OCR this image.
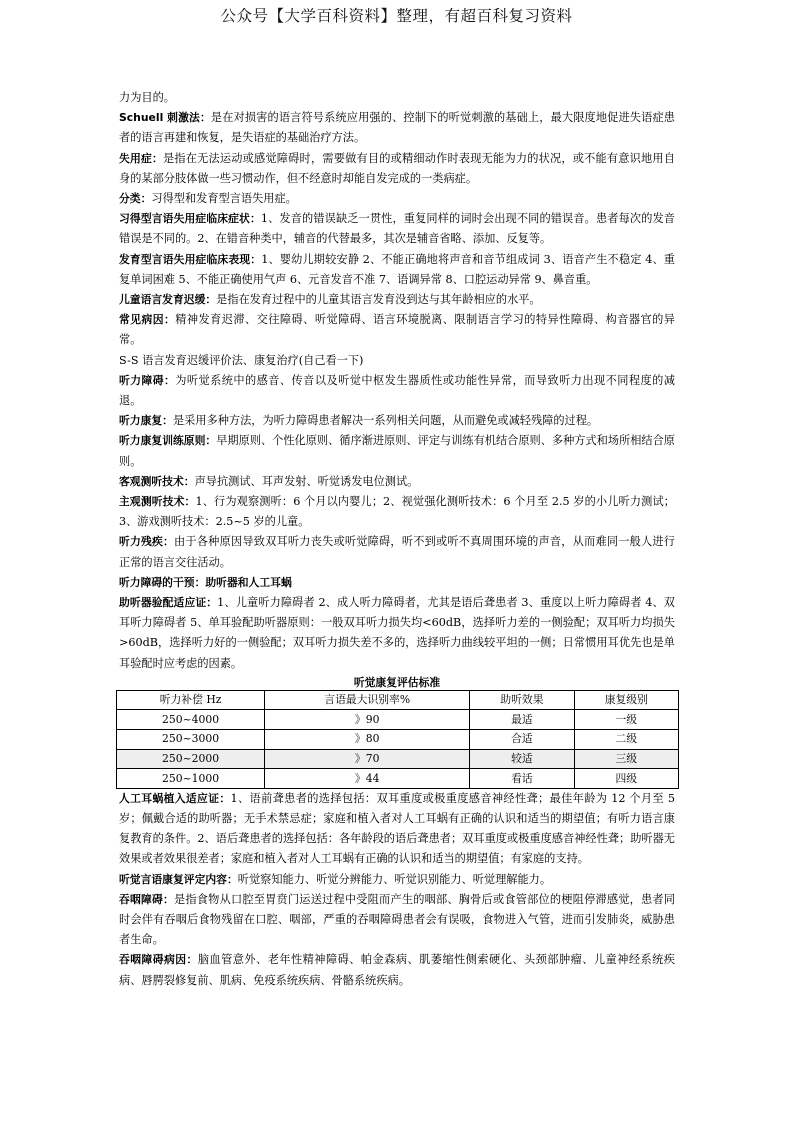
公众号【大学百科资料】整理，有超百科复习资料

力为目的。

Schuell 刺激法：是在对损害的语言符号系统应用强的、控制下的听觉刺激的基础上，最大限度地促进失语症患者的语言再建和恢复，是失语症的基础治疗方法。

失用症：是指在无法运动或感觉障碍时，需要做有目的或精细动作时表现无能为力的状况，或不能有意识地用自身的某部分肢体做一些习惯动作，但不经意时却能自发完成的一类病症。

分类：习得型和发育型言语失用症。

习得型言语失用症临床症状：1、发音的错误缺乏一贯性，重复同样的词时会出现不同的错误音。患者每次的发音错误是不同的。2、在错音种类中，辅音的代替最多，其次是辅音省略、添加、反复等。

发育型言语失用症临床表现：1、婴幼儿期较安静 2、不能正确地将声音和音节组成词 3、语音产生不稳定 4、重复单词困难 5、不能正确使用气声 6、元音发音不准 7、语调异常 8、口腔运动异常 9、鼻音重。

儿童语言发育迟缓：是指在发育过程中的儿童其语言发育没到达与其年龄相应的水平。

常见病因：精神发育迟滞、交往障碍、听觉障碍、语言环境脱离、限制语言学习的特异性障碍、构音器官的异常。

S-S 语言发育迟缓评价法、康复治疗(自己看一下)

听力障碍：为听觉系统中的感音、传音以及听觉中枢发生器质性或功能性异常，而导致听力出现不同程度的减退。

听力康复：是采用多种方法，为听力障碍患者解决一系列相关问题，从而避免或减轻残障的过程。

听力康复训练原则：早期原则、个性化原则、循序渐进原则、评定与训练有机结合原则、多种方式和场所相结合原则。

客观测听技术：声导抗测试、耳声发射、听觉诱发电位测试。

主观测听技术：1、行为观察测听：6 个月以内婴儿；2、视觉强化测听技术：6 个月至 2.5 岁的小儿听力测试；3、游戏测听技术：2.5~5 岁的儿童。

听力残疾：由于各种原因导致双耳听力丧失或听觉障碍，听不到或听不真周围环境的声音，从而难同一般人进行正常的语言交往活动。

听力障碍的干预：助听器和人工耳蜗

助听器验配适应证：1、儿童听力障碍者 2、成人听力障碍者，尤其是语后聋患者 3、重度以上听力障碍者 4、双耳听力障碍者 5、单耳验配助听器原则：一般双耳听力损失均<60dB，选择听力差的一侧验配；双耳听力均损失>60dB，选择听力好的一侧验配；双耳听力损失差不多的，选择听力曲线较平坦的一侧；日常惯用耳优先也是单耳验配时应考虑的因素。

听觉康复评估标准
听力补偿 Hz	言语最大识别率%	助听效果	康复级别
250~4000	》90	最适	一级
250~3000	》80	合适	二级
250~2000	》70	较适	三级
250~1000	》44	看话	四级

人工耳蜗植入适应证：1、语前聋患者的选择包括：双耳重度或极重度感音神经性聋；最佳年龄为 12 个月至 5 岁；佩戴合适的助听器；无手术禁忌症；家庭和植入者对人工耳蜗有正确的认识和适当的期望值；有听力语言康复教育的条件。2、语后聋患者的选择包括：各年龄段的语后聋患者；双耳重度或极重度感音神经性聋；助听器无效果或者效果很差者；家庭和植入者对人工耳蜗有正确的认识和适当的期望值；有家庭的支持。

听觉言语康复评定内容：听觉察知能力、听觉分辨能力、听觉识别能力、听觉理解能力。

吞咽障碍：是指食物从口腔至胃贲门运送过程中受阻而产生的咽部、胸骨后或食管部位的梗阻停滞感觉，患者同时会伴有吞咽后食物残留在口腔、咽部，严重的吞咽障碍患者会有误吸，食物进入气管，进而引发肺炎，威胁患者生命。

吞咽障碍病因：脑血管意外、老年性精神障碍、帕金森病、肌萎缩性侧索硬化、头颈部肿瘤、儿童神经系统疾病、唇腭裂修复前、肌病、免疫系统疾病、骨骼系统疾病。
